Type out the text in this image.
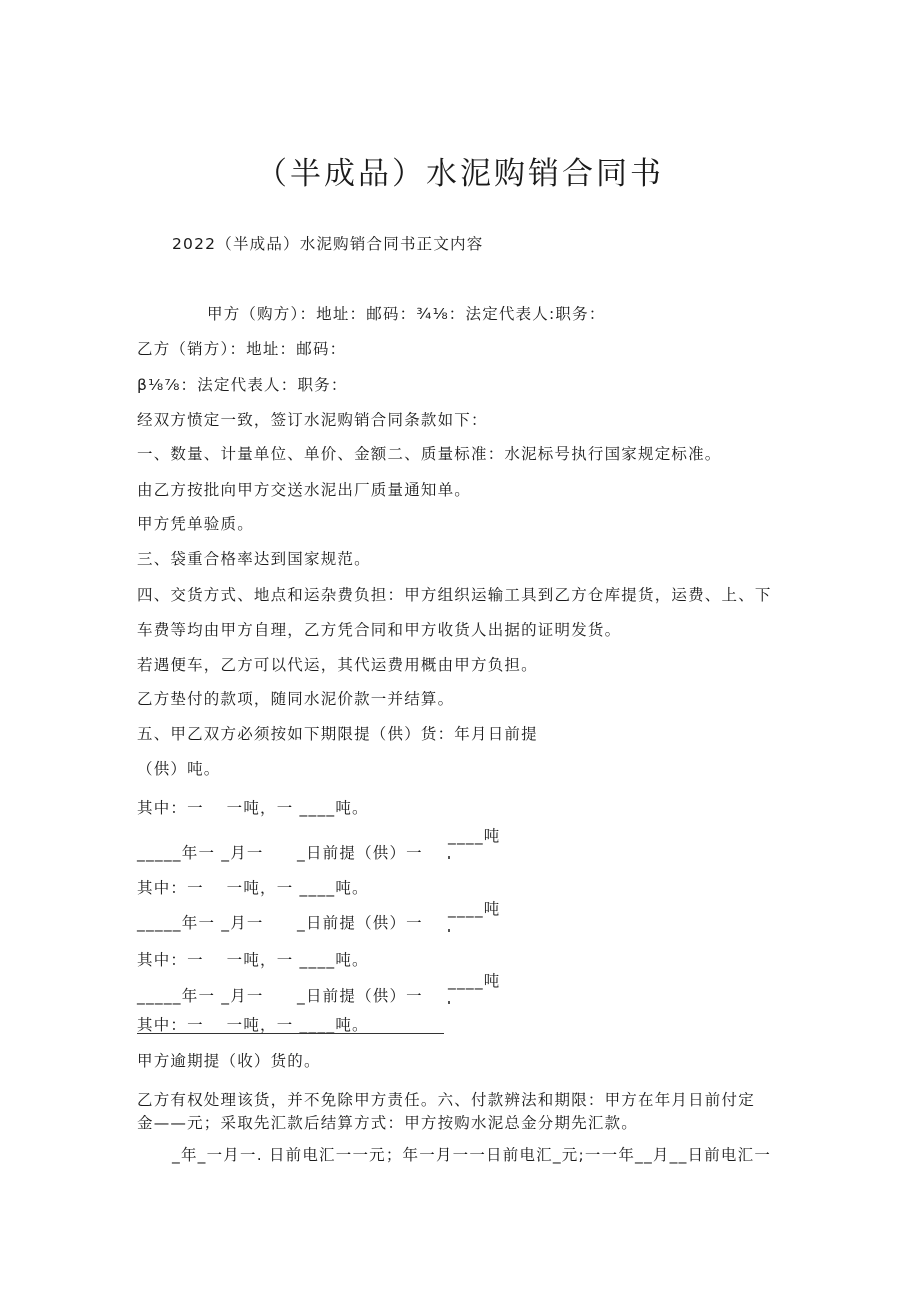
（半成品）水泥购销合同书
2022（半成品）水泥购销合同书正文内容
甲方（购方）：地址：邮码：¾⅛：法定代表人:职务：
乙方（销方）：地址：邮码：
β⅛⅞：法定代表人：职务：
经双方愤定一致，签订水泥购销合同条款如下：
一、数量、计量单位、单价、金额二、质量标准：水泥标号执行国家规定标准。
由乙方按批向甲方交送水泥出厂质量通知单。
甲方凭单验质。
三、袋重合格率达到国家规范。
四、交货方式、地点和运杂费负担：甲方组织运输工具到乙方仓库提货，运费、上、下
车费等均由甲方自理，乙方凭合同和甲方收货人出据的证明发货。
若遇便车，乙方可以代运，其代运费用概由甲方负担。
乙方垫付的款项，随同水泥价款一并结算。
五、甲乙双方必须按如下期限提（供）货：年月日前提
（供）吨。
其中：一　 一吨，一 ____吨。
_____年一 _月一　　_日前提（供）一
____吨
其中：一　 一吨，一 ____吨。
_____年一 _月一　　_日前提（供）一
____吨
其中：一　 一吨，一 ____吨。
_____年一 _月一　　_日前提（供）一
____吨
其中：一　 一吨，一 ____吨。
甲方逾期提（收）货的。
乙方有权处理该货，并不免除甲方责任。六、付款辨法和期限：甲方在年月日前付定
金——元；采取先汇款后结算方式：甲方按购水泥总金分期先汇款。
_年_一月一. 日前电汇一一元；年一月一一日前电汇_元;一一年__月__日前电汇一
